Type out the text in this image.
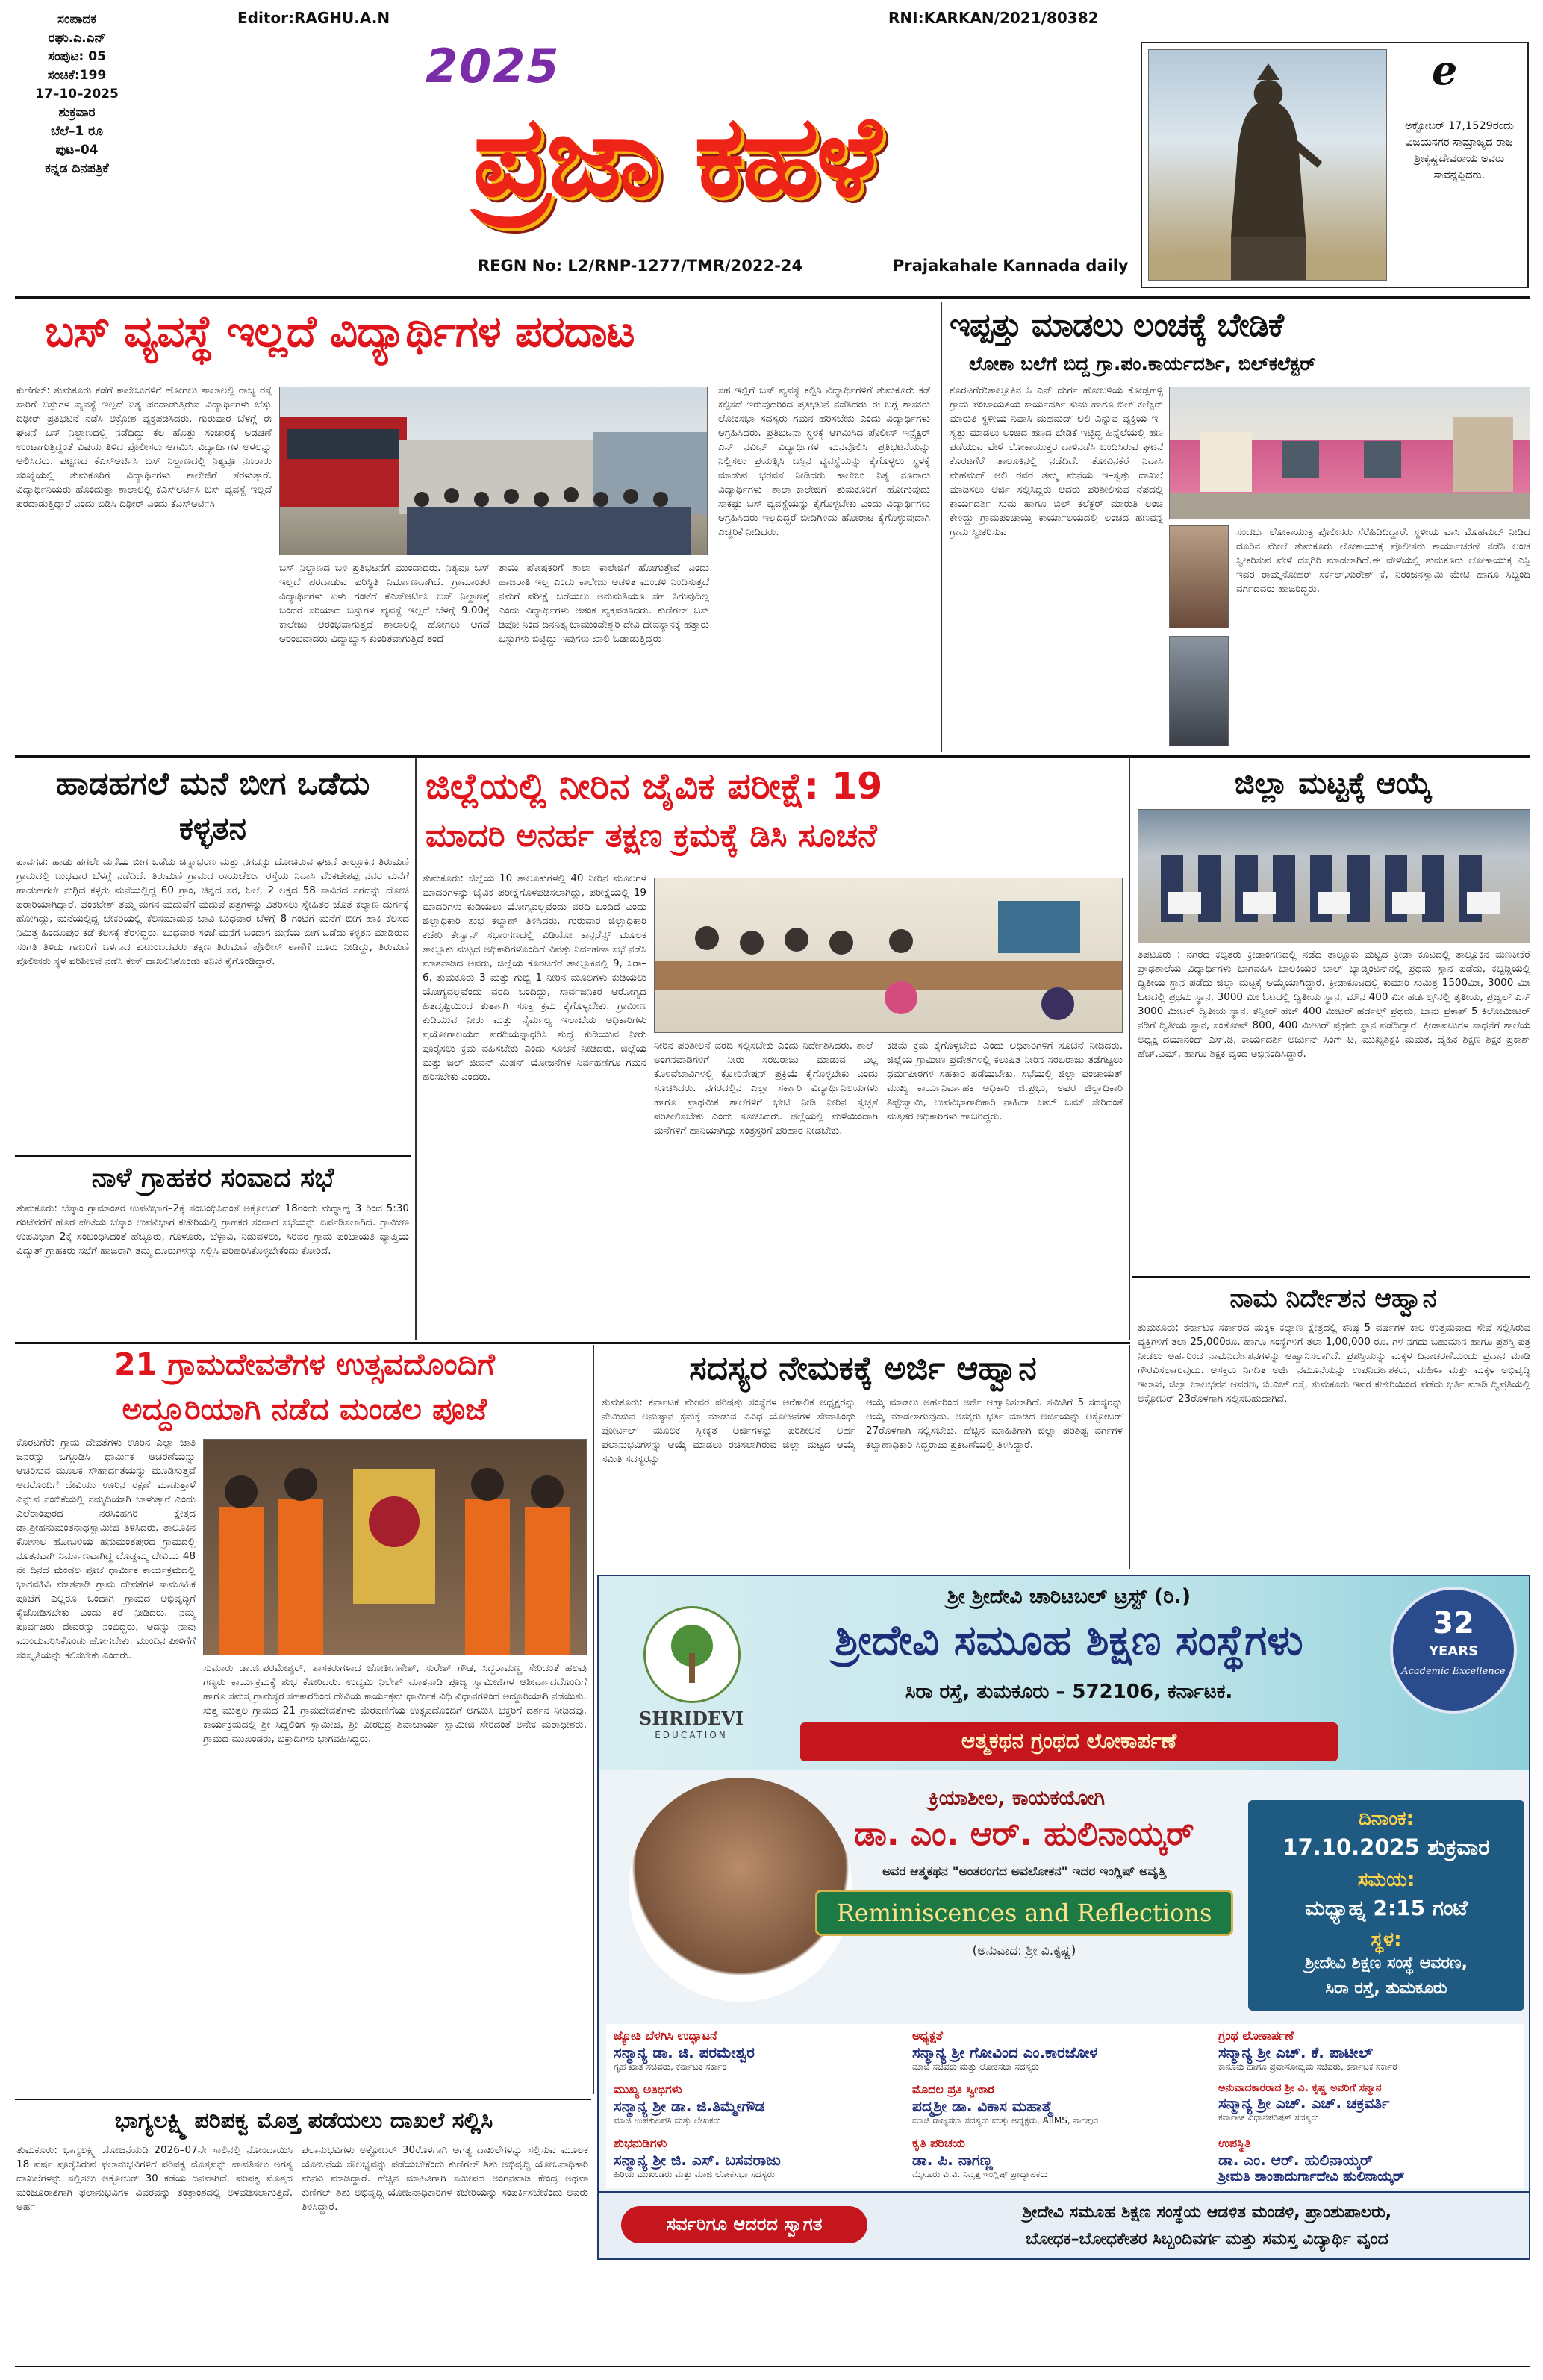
ಸಂಪಾದಕ
ರಘು.ಎ.ಎನ್
ಸಂಪುಟ: 05
ಸಂಚಿಕೆ:199
17–10–2025
ಶುಕ್ರವಾರ
ಬೆಲೆ–1 ರೂ
ಪುಟ–04
ಕನ್ನಡ ದಿನಪತ್ರಿಕೆ
Editor:RAGHU.A.N	RNI:KARKAN/2021/80382
2025
ಪ್ರಜಾ ಕಹಳೆ
REGN No: L2/RNP-1277/TMR/2022-24	Prajakahale Kannada daily
e
ಅಕ್ಟೋಬರ್ 17,1529ರಂದು ವಿಜಯನಗರ ಸಾಮ್ರಾಜ್ಯದ ರಾಜ ಶ್ರೀಕೃಷ್ಣದೇವರಾಯ ಅವರು ಸಾವನ್ನಪ್ಪಿದರು.
ಬಸ್ ವ್ಯವಸ್ಥೆ ಇಲ್ಲದೆ ವಿದ್ಯಾರ್ಥಿಗಳ ಪರದಾಟ
ಕುಣಿಗಲ್: ತುಮಕೂರು ಕಡೆಗೆ ಕಾಲೇಜುಗಳಿಗೆ ಹೋಗಲು ಶಾಲಾಲಲ್ಲಿ ರಾಜ್ಯ ರಸ್ತೆ ಸಾರಿಗೆ ಬಸ್ಸುಗಳ ವ್ಯವಸ್ಥೆ ಇಲ್ಲದೆ ನಿತ್ಯ ಪರದಾಡುತ್ತಿರುವ ವಿದ್ಯಾರ್ಥಿಗಳು ಬೆಸ್ತು ದಿಢೀರ್ ಪ್ರತಿಭಟನೆ ನಡೆಸಿ ಆಕ್ರೋಶ ವ್ಯಕ್ತಪಡಿಸಿದರು. ಗುರುವಾರ ಬೆಳಗ್ಗೆ ಈ ಘಟನೆ ಬಸ್ ನಿಲ್ದಾಣದಲ್ಲಿ ನಡೆದಿದ್ದು ಕೆಲ ಹೊತ್ತು ಸಂಚಾರಕ್ಕೆ ಅಡಚಣೆ ಉಂಟಾಗುತ್ತಿದ್ದಂತೆ ವಿಷಯ ತಿಳಿದ ಪೊಲೀಸರು ಆಗಮಿಸಿ ವಿದ್ಯಾರ್ಥಿಗಳ ಅಳಲನ್ನು ಆಲಿಸಿದರು. ಪಟ್ಟಣದ ಕೆಎಸ್ಆರ್ಟಿಸಿ ಬಸ್ ನಿಲ್ದಾಣದಲ್ಲಿ ನಿತ್ಯವೂ ನೂರಾರು ಸಂಖ್ಯೆಯಲ್ಲಿ ತುಮಕೂರಿಗೆ ವಿದ್ಯಾರ್ಥಿಗಳು ಕಾಲೇಜಿಗೆ ತೆರಳುತ್ತಾರೆ. ವಿದ್ಯಾರ್ಥಿನಿಯರು ಹೊಂದುತ್ತಾ ಶಾಲಾಲಲ್ಲಿ ಕೆಎಸ್ಆರ್ಟಿಸಿ ಬಸ್ ವ್ಯವಸ್ಥೆ ಇಲ್ಲದೆ ಪರದಾಡುತ್ತಿದ್ದಾರೆ ಎಂದು ಬಿಡಿಸಿ ದಿಢೀರ್ ಎಂದು ಕೆಎಸ್ಆರ್ಟಿಸಿ
ಬಸ್ ನಿಲ್ದಾಣದ ಬಳಿ ಪ್ರತಿಭಟನೆಗೆ ಮುಂದಾದರು. ನಿತ್ಯವೂ ಬಸ್ ಇಲ್ಲದೆ ಪರದಾಡುವ ಪರಿಸ್ಥಿತಿ ನಿರ್ಮಾಣವಾಗಿದೆ. ಗ್ರಾಮಾಂತರ ವಿದ್ಯಾರ್ಥಿಗಳು ಏಳು ಗಂಟೆಗೆ ಕೆಎಸ್ಆರ್ಟಿಸಿ ಬಸ್ ನಿಲ್ದಾಣಕ್ಕೆ ಬಂದರೆ ಸರಿಯಾದ ಬಸ್ಸುಗಳ ವ್ಯವಸ್ಥೆ ಇಲ್ಲದೆ ಬೆಳಗ್ಗೆ 9.00ಕ್ಕೆ ಕಾಲೇಜು ಆರಂಭವಾಗುತ್ತದೆ ಶಾಲಾಲಲ್ಲಿ ಹೋಗಲು ಆಗದೆ ಆರಂಭವಾದರು ವಿದ್ಯಾಭ್ಯಾಸ ಕುಂಠಿತವಾಗುತ್ತಿದೆ ತಂದೆ
ತಾಯಿ ಪೋಷಕರಿಗೆ ಶಾಲಾ ಕಾಲೇಜಿಗೆ ಹೋಗುತ್ತೇವೆ ಎಂದು ಹಾಜರಾತಿ ಇಲ್ಲ ಎಂದು ಕಾಲೇಜು ಆಡಳಿತ ಮಂಡಳಿ ನಿಂದಿಸುತ್ತದೆ ನಮಗೆ ಪರೀಕ್ಷೆ ಬರೆಯಲು ಅನುಮತಿಯೂ ಸಹ ಸಿಗುವುದಿಲ್ಲ ಎಂದು ವಿದ್ಯಾರ್ಥಿಗಳು ಆತಂಕ ವ್ಯಕ್ತಪಡಿಸಿದರು. ಕುಣಿಗಲ್ ಬಸ್ ಡಿಪೋ ನಿಂದ ದಿನನಿತ್ಯ ಚಾಮುಂಡೇಶ್ವರಿ ದೇವಿ ದೇವಸ್ಥಾನಕ್ಕೆ ಹತ್ತಾರು ಬಸ್ಸುಗಳು ಬಿಟ್ಟಿದ್ದು ಇವುಗಳು ಖಾಲಿ ಓಡಾಡುತ್ತಿದ್ದರು
ಸಹ ಇಲ್ಲಿಗೆ ಬಸ್ ವ್ಯವಸ್ಥೆ ಕಲ್ಪಿಸಿ ವಿದ್ಯಾರ್ಥಿಗಳಿಗೆ ತುಮಕೂರು ಕಡೆ ಕಲ್ಪಿಸದೆ ಇರುವುದರಿಂದ ಪ್ರತಿಭಟನೆ ನಡೆಸಿದರು ಈ ಬಗ್ಗೆ ಶಾಸಕರು ಲೋಕಸಭಾ ಸದಸ್ಯರು ಗಮನ ಹರಿಸಬೇಕು ಎಂದು ವಿದ್ಯಾರ್ಥಿಗಳು ಆಗ್ರಹಿಸಿದರು. ಪ್ರತಿಭಟನಾ ಸ್ಥಳಕ್ಕೆ ಆಗಮಿಸಿದ ಪೊಲೀಸ್ ಇನ್ಸ್ಪೆಕ್ಟರ್ ಎನ್ ನವೀನ್ ವಿದ್ಯಾರ್ಥಿಗಳ ಮನವೊಲಿಸಿ ಪ್ರತಿಭಟನೆಯನ್ನು ನಿಲ್ಲಿಸಲು ಪ್ರಯತ್ನಿಸಿ ಬಸ್ಸಿನ ವ್ಯವಸ್ಥೆಯನ್ನು ಕೈಗೊಳ್ಳಲು ಸ್ಥಳಕ್ಕೆ ಮಾಡುವ ಭರವಸೆ ನೀಡಿದರು ಕಾಲೇಜು ನಿತ್ಯ ನೂರಾರು ವಿದ್ಯಾರ್ಥಿಗಳು ಶಾಲಾ–ಕಾಲೇಜಿಗೆ ತುಮಕೂರಿಗೆ ಹೋಗುವುದು ಸಾಕಷ್ಟು ಬಸ್ ವ್ಯವಸ್ಥೆಯನ್ನು ಕೈಗೊಳ್ಳಬೇಕು ಎಂದು ವಿದ್ಯಾರ್ಥಿಗಳು ಆಗ್ರಹಿಸಿದರು ಇಲ್ಲದಿದ್ದರೆ ಬೀದಿಗಿಳಿದು ಹೋರಾಟ ಕೈಗೊಳ್ಳುವುದಾಗಿ ಎಚ್ಚರಿಕೆ ನೀಡಿದರು.
ಇಪ್ಪತ್ತು ಮಾಡಲು ಲಂಚಕ್ಕೆ ಬೇಡಿಕೆ
ಲೋಕಾ ಬಲೆಗೆ ಬಿದ್ದ ಗ್ರಾ.ಪಂ.ಕಾರ್ಯದರ್ಶಿ, ಬಿಲ್‌ಕಲೆಕ್ಟರ್
ಕೊರಟಗೆರೆ:ತಾಲ್ಲೂಕಿನ ಸಿ ಎನ್ ದುರ್ಗ ಹೋಬಳಿಯ ಕೋಡ್ಲಹಳ್ಳಿ ಗ್ರಾಮ ಪಂಚಾಯತಿಯ ಕಾರ್ಯದರ್ಶಿ ಸುಮ ಹಾಗೂ ಬಿಲ್ ಕಲೆಕ್ಟರ್ ಮಾರುತಿ ಸ್ಥಳೀಯ ನಿವಾಸಿ ಮಹಮದ್ ಆಲಿ ಎನ್ನುವ ವ್ಯಕ್ತಿಯ ಇ–ಸ್ವತ್ತು ಮಾಡಲು ಲಂಚದ ಹಣದ ಬೇಡಿಕೆ ಇಟ್ಟಿದ್ದ ಹಿನ್ನೆಲೆಯಲ್ಲಿ ಹಣ ಪಡೆಯುವ ವೇಳೆ ಲೋಕಾಯುಕ್ತರ ದಾಳಿನಡೆಸಿ ಬಂದಿಸಿರುವ ಘಟನೆ ಕೊರಟಗೆರೆ ತಾಲೂಕಿನಲ್ಲಿ ನಡೆದಿದೆ. ತೋವಿನಕೆರೆ ನಿವಾಸಿ ಮಹಮದ್ ಆಲಿ ರವರ ತಮ್ಮ ಮನೆಯ ಇ–ಸ್ವತ್ತು ದಾಖಲೆ ಮಾಡಿಸಲು ಅರ್ಜಿ ಸಲ್ಲಿಸಿದ್ದರು ಆದರು ಪರಿಶೀಲಿಸುವ ನೆಪದಲ್ಲಿ ಕಾರ್ಯದರ್ಶಿ ಸುಮ ಹಾಗೂ ಬಿಲ್ ಕಲೆಕ್ಟರ್ ಮಾರುತಿ ಲಂಚ ಕೇಳಿದ್ದು ಗ್ರಾಮಪಂಚಾಯ್ತಿ ಕಾರ್ಯಾಲಯದಲ್ಲಿ ಲಂಚದ ಹಣವನ್ನ ಗ್ರಾಮ ಸ್ವೀಕರಿಸುವ	ಸಂದರ್ಭ ಲೋಕಾಯುಕ್ತ ಪೊಲೀಸರು ಸೆರೆಹಿಡಿದಿದ್ದಾರೆ. ಸ್ಥಳೀಯ ವಾಸಿ ಮೊಹಮದ್ ನೀಡಿದ ದೂರಿನ ಮೇಲೆ ತುಮಕೂರು ಲೋಕಾಯುಕ್ತ ಪೊಲೀಸರು ಕಾರ್ಯಾಚರಣೆ ನಡೆಸಿ ಲಂಚ ಸ್ವೀಕರಿಸುವ ವೇಳೆ ದಸ್ತಗಿರಿ ಮಾಡಲಾಗಿದೆ.ಈ ವೇಳೆಯಲ್ಲಿ ತುಮಕೂರು ಲೋಕಾಯುಕ್ತ ಎಸ್ಪಿ ಇವರ ರಾಮ್ಮನೋಹರ್ ಸರ್ಕಲ್,ಸುರೇಶ್ ಕೆ, ನಿರಂಜನಸ್ವಾಮಿ ಮೇಟಿ ಹಾಗೂ ಸಿಬ್ಬಂದಿ ವರ್ಗದವರು ಹಾಜರಿದ್ದರು.
ಹಾಡಹಗಲೆ ಮನೆ ಬೀಗ ಒಡೆದು ಕಳ್ಳತನ
ಪಾವಗಡ: ಹಾಡು ಹಗಲೇ ಮನೆಯ ಬೀಗ ಒಡೆದು ಚಿನ್ನಾಭರಣ ಮತ್ತು ನಗದನ್ನು ದೋಚಿರುವ ಘಟನೆ ತಾಲ್ಲೂಕಿನ ತಿರುಮಣಿ ಗ್ರಾಮದಲ್ಲಿ ಬುಧವಾರ ಬೆಳಗ್ಗೆ ನಡೆದಿದೆ. ತಿರುಮಣಿ ಗ್ರಾಮದ ರಾಯಚೆರ್ಲು ರಸ್ತೆಯ ನಿವಾಸಿ ವೆಂಕಟೇಶಪ್ಪ ನವರ ಮನೆಗೆ ಹಾಡುಹಗಲೇ ನುಗ್ಗಿದ ಕಳ್ಳರು ಮನೆಯಲ್ಲಿದ್ದ 60 ಗ್ರಾಂ, ಚಿನ್ನದ ಸರ, ಓಲೆ, 2 ಲಕ್ಷದ 58 ಸಾವಿರದ ನಗದನ್ನು ದೋಚಿ ಪರಾರಿಯಾಗಿದ್ದಾರೆ. ವೆಂಕಟೇಶ್ ತಮ್ಮ ಮಗನ ಮದುವೆಗೆ ಮದುವೆ ಪತ್ರಗಳನ್ನು ವಿತರಿಸಲು ಸ್ನೇಹಿತರ ಜೊತೆ ಕಲ್ಯಾಣ ದುರ್ಗಕ್ಕೆ ಹೋಗಿದ್ದು, ಮನೆಯಲ್ಲಿದ್ದ ಬೇಕರಿಯಲ್ಲಿ ಕೆಲಸಮಾಡುವ ಬಾವಿ ಬುಧವಾರ ಬೆಳಗ್ಗೆ 8 ಗಂಟೆಗೆ ಮನೆಗೆ ಬೀಗ ಹಾಕಿ ಕೆಲಸದ ನಿಮಿತ್ತ ಹಿಂದೂಪುರ ಕಡೆ ಕೆಲಸಕ್ಕೆ ತೆರಳಿದ್ದರು. ಬುಧವಾರ ಸಂಜೆ ಮನೆಗೆ ಬಂದಾಗ ಮನೆಯ ಬೀಗ ಒಡೆದು ಕಳ್ಳತನ ಮಾಡಿರುವ ಸಂಗತಿ ತಿಳಿದು ಗಾಬರಿಗೆ ಒಳಗಾದ ಕುಟುಂಬದವರು ತಕ್ಷಣ ತಿರುಮಣಿ ಪೊಲೀಸ್ ಠಾಣೆಗೆ ದೂರು ನೀಡಿದ್ದು, ತಿರುಮಣಿ ಪೊಲೀಸರು ಸ್ಥಳ ಪರಿಶೀಲನೆ ನಡೆಸಿ ಕೇಸ್ ದಾಖಲಿಸಿಕೊಂಡು ತನಿಖೆ ಕೈಗೊಂಡಿದ್ದಾರೆ.
ನಾಳೆ ಗ್ರಾಹಕರ ಸಂವಾದ ಸಭೆ
ತುಮಕೂರು: ಬೆಸ್ಕಾಂ ಗ್ರಾಮಾಂತರ ಉಪವಿಭಾಗ–2ಕ್ಕೆ ಸಂಬಂಧಿಸಿದಂತೆ ಅಕ್ಟೋಬರ್ 18ರಂದು ಮಧ್ಯಾಹ್ನ 3 ರಿಂದ 5:30 ಗಂಟೆವರೆಗೆ ಹೊರ ಪೇಟೆಯ ಬೆಸ್ಕಾಂ ಉಪವಿಭಾಗ ಕಚೇರಿಯಲ್ಲಿ ಗ್ರಾಹಕರ ಸಂವಾದ ಸಭೆಯನ್ನು ಏರ್ಪಡಿಸಲಾಗಿದೆ. ಗ್ರಾಮೀಣ ಉಪವಿಭಾಗ–2ಕ್ಕೆ ಸಂಬಂಧಿಸಿದಂತೆ ಹೆಬ್ಬೂರು, ಗೂಳೂರು, ಬೆಳ್ಳಾವಿ, ನಿಡುವಳಲು, ಸಿರಿವರ ಗ್ರಾಮ ಪಂಚಾಯತಿ ವ್ಯಾಪ್ತಿಯ ವಿದ್ಯುತ್ ಗ್ರಾಹಕರು ಸಭೆಗೆ ಹಾಜರಾಗಿ ತಮ್ಮ ದೂರುಗಳನ್ನು ಸಲ್ಲಿಸಿ ಪರಿಹರಿಸಿಕೊಳ್ಳಬೇಕೆಂದು ಕೋರಿದೆ.
ಜಿಲ್ಲೆಯಲ್ಲಿ ನೀರಿನ ಜೈವಿಕ ಪರೀಕ್ಷೆ: 19
ಮಾದರಿ ಅನರ್ಹ ತಕ್ಷಣ ಕ್ರಮಕ್ಕೆ ಡಿಸಿ ಸೂಚನೆ
ತುಮಕೂರು: ಜಿಲ್ಲೆಯ 10 ತಾಲೂಕುಗಳಲ್ಲಿ 40 ನೀರಿನ ಮೂಲಗಳ ಮಾದರಿಗಳನ್ನು ಜೈವಿಕ ಪರೀಕ್ಷೆಗೊಳಪಡಿಸಲಾಗಿದ್ದು, ಪರೀಕ್ಷೆಯಲ್ಲಿ 19 ಮಾದರಿಗಳು ಕುಡಿಯಲು ಯೋಗ್ಯವಲ್ಲವೆಂದು ವರದಿ ಬಂದಿದೆ ಎಂದು ಜಿಲ್ಲಾಧಿಕಾರಿ ಶುಭ ಕಲ್ಯಾಣ್ ತಿಳಿಸಿದರು. ಗುರುವಾರ ಜಿಲ್ಲಾಧಿಕಾರಿ ಕಚೇರಿ ಕೇಸ್ವಾನ್ ಸಭಾಂಗಣದಲ್ಲಿ ವಿಡಿಯೋ ಕಾನ್ಫರೆನ್ಸ್ ಮೂಲಕ ತಾಲ್ಲೂಕು ಮಟ್ಟದ ಅಧಿಕಾರಿಗಳೊಂದಿಗೆ ವಿಪತ್ತು ನಿರ್ವಹಣಾ ಸಭೆ ನಡೆಸಿ ಮಾತನಾಡಿದ ಅವರು, ಜಿಲ್ಲೆಯ ಕೊರಟಗೆರೆ ತಾಲ್ಲೂಕಿನಲ್ಲಿ 9, ಸಿರಾ–6, ತುಮಕೂರು–3 ಮತ್ತು ಗುಬ್ಬಿ–1 ನೀರಿನ ಮೂಲಗಳು ಕುಡಿಯಲು ಯೋಗ್ಯವಲ್ಲವೆಂದು ವರದಿ ಬಂದಿದ್ದು, ಸಾರ್ವಜನಿಕರ ಆರೋಗ್ಯದ ಹಿತದೃಷ್ಟಿಯಿಂದ ತುರ್ತಾಗಿ ಸೂಕ್ತ ಕ್ರಮ ಕೈಗೊಳ್ಳಬೇಕು. ಗ್ರಾಮೀಣ ಕುಡಿಯುವ ನೀರು ಮತ್ತು ನೈರ್ಮಲ್ಯ ಇಲಾಖೆಯ ಅಧಿಕಾರಿಗಳು ಪ್ರಯೋಗಾಲಯದ ವರದಿಯನ್ನಾಧರಿಸಿ ಶುದ್ಧ ಕುಡಿಯುವ ನೀರು ಪೂರೈಸಲು ಕ್ರಮ ವಹಿಸಬೇಕು ಎಂದು ಸೂಚನೆ ನೀಡಿದರು. ಜಿಲ್ಲೆಯ ಮತ್ತು ಜಲ್ ಜೀವನ್ ಮಿಷನ್ ಯೋಜನೆಗಳ ನಿರ್ವಹಣೆಗೂ ಗಮನ ಹರಿಸಬೇಕು ಎಂದರು.
ನೀರಿನ ಪರಿಶೀಲನೆ ವರದಿ ಸಲ್ಲಿಸಬೇಕು ಎಂದು ನಿರ್ದೇಶಿಸಿದರು. ಶಾಲೆ–ಅಂಗನವಾಡಿಗಳಿಗೆ ನೀರು ಸರಬರಾಜು ಮಾಡುವ ಎಲ್ಲ ಕೊಳವೆಬಾವಿಗಳಲ್ಲಿ ಕ್ಲೋರಿನೇಷನ್ ಪ್ರಕ್ರಿಯೆ ಕೈಗೊಳ್ಳಬೇಕು ಎಂದು ಸೂಚಿಸಿದರು. ನಗರದಲ್ಲಿನ ಎಲ್ಲಾ ಸರ್ಕಾರಿ ವಿದ್ಯಾರ್ಥಿನಿಲಯಗಳು ಹಾಗೂ ಪ್ರಾಥಮಿಕ ಶಾಲೆಗಳಿಗೆ ಭೇಟಿ ನೀಡಿ ನೀರಿನ ಸ್ವಚ್ಛತೆ ಪರಿಶೀಲಿಸಬೇಕು ಎಂದು ಸೂಚಿಸಿದರು. ಜಿಲ್ಲೆಯಲ್ಲಿ ಮಳೆಯಿಂದಾಗಿ ಮನೆಗಳಿಗೆ ಹಾನಿಯಾಗಿದ್ದು ಸಂತ್ರಸ್ತರಿಗೆ ಪರಿಹಾರ ನೀಡಬೇಕು.
ಕಡಿಮೆ ಕ್ರಮ ಕೈಗೊಳ್ಳಬೇಕು ಎಂದು ಅಧಿಕಾರಿಗಳಿಗೆ ಸೂಚನೆ ನೀಡಿದರು. ಜಿಲ್ಲೆಯ ಗ್ರಾಮೀಣ ಪ್ರದೇಶಗಳಲ್ಲಿ ಕಲುಷಿತ ನೀರಿನ ಸರಬರಾಜು ತಡೆಗಟ್ಟಲು ಧರ್ಮಪೀಠಗಳ ಸಹಕಾರ ಪಡೆಯಬೇಕು. ಸಭೆಯಲ್ಲಿ ಜಿಲ್ಲಾ ಪಂಚಾಯತ್ ಮುಖ್ಯ ಕಾರ್ಯನಿರ್ವಾಹಕ ಅಧಿಕಾರಿ ಜಿ.ಪ್ರಭು, ಅಪರ ಜಿಲ್ಲಾಧಿಕಾರಿ ತಿಪ್ಪೇಸ್ವಾಮಿ, ಉಪವಿಭಾಗಾಧಿಕಾರಿ ನಾಹಿದಾ ಜಮ್ ಜಮ್ ಸೇರಿದಂತೆ ಮತ್ತಿತರ ಅಧಿಕಾರಿಗಳು ಹಾಜರಿದ್ದರು.
ಜಿಲ್ಲಾ ಮಟ್ಟಕ್ಕೆ ಆಯ್ಕೆ
ತಿಪಟೂರು : ನಗರದ ಕಲ್ಪತರು ಕ್ರೀಡಾಂಗಣದಲ್ಲಿ ನಡೆದ ತಾಲ್ಲೂಕು ಮಟ್ಟದ ಕ್ರೀಡಾ ಕೂಟದಲ್ಲಿ ತಾಲ್ಲೂಕಿನ ಮಣಕೀಕೆರೆ ಪ್ರೌಢಶಾಲೆಯ ವಿದ್ಯಾರ್ಥಿಗಳು ಭಾಗವಹಿಸಿ ಬಾಲಕಿಯರ ಬಾಲ್ ಬ್ಯಾಡ್ಮಿಂಟನ್‌ನಲ್ಲಿ ಪ್ರಥಮ ಸ್ಥಾನ ಪಡೆದು, ಕಬ್ಬಡ್ಡಿಯಲ್ಲಿ ದ್ವಿತೀಯ ಸ್ಥಾನ ಪಡೆದು ಜಿಲ್ಲಾ ಮಟ್ಟಕ್ಕೆ ಆಯ್ಕೆಯಾಗಿದ್ದಾರೆ. ಕ್ರೀಡಾಕೂಟದಲ್ಲಿ ಕುಮಾರಿ ಸುಮಿತ್ರ 1500ಮೀ, 3000 ಮೀ ಓಟದಲ್ಲಿ ಪ್ರಥಮ ಸ್ಥಾನ, 3000 ಮೀ ಓಟದಲ್ಲಿ ದ್ವಿತೀಯ ಸ್ಥಾನ, ಮೌನ 400 ಮೀ ಹರ್ಡಲ್ಸ್‌ನಲ್ಲಿ ತೃತೀಯ, ಪ್ರಜ್ವಲ್ ಎಸ್ 3000 ಮೀಟರ್ ದ್ವಿತೀಯ ಸ್ಥಾನ, ತನ್ವೀರ್ ಹೆಚ್ 400 ಮೀಟರ್ ಹರ್ಡಲ್ಸ್ ಪ್ರಥಮ, ಭಾನು ಪ್ರಕಾಶ್ 5 ಕಿಲೋಮೀಟರ್ ನಡಿಗೆ ದ್ವಿತೀಯ ಸ್ಥಾನ, ಸಂತೋಷ್ 800, 400 ಮೀಟರ್ ಪ್ರಥಮ ಸ್ಥಾನ ಪಡೆದಿದ್ದಾರೆ. ಕ್ರೀಡಾಪಟುಗಳ ಸಾಧನೆಗೆ ಶಾಲೆಯ ಅಧ್ಯಕ್ಷ ದಯಾನಂದ್ ಎಸ್.ಡಿ, ಕಾರ್ಯದರ್ಶಿ ಅರ್ಜುನ್ ಸಿಂಗ್ ಟಿ, ಮುಖ್ಯಶಿಕ್ಷಕಿ ಮಮತ, ದೈಹಿಕ ಶಿಕ್ಷಣ ಶಿಕ್ಷಕ ಪ್ರಕಾಶ್ ಹೆಚ್.ಎಮ್, ಹಾಗೂ ಶಿಕ್ಷಕ ವೃಂದ ಅಭಿನಂದಿಸಿದ್ದಾರೆ.
ನಾಮ ನಿರ್ದೇಶನ ಆಹ್ವಾನ
ತುಮಕೂರು: ಕರ್ನಾಟಕ ಸರ್ಕಾರದ ಮಕ್ಕಳ ಕಲ್ಯಾಣ ಕ್ಷೇತ್ರದಲ್ಲಿ ಕನಿಷ್ಠ 5 ವರ್ಷಗಳ ಕಾಲ ಉತ್ತಮವಾದ ಸೇವೆ ಸಲ್ಲಿಸಿರುವ ವ್ಯಕ್ತಿಗಳಿಗೆ ತಲಾ 25,000ರೂ. ಹಾಗೂ ಸಂಸ್ಥೆಗಳಿಗೆ ತಲಾ 1,00,000 ರೂ. ಗಳ ನಗದು ಬಹುಮಾನ ಹಾಗೂ ಪ್ರಶಸ್ತಿ ಪತ್ರ ನೀಡಲು ಅರ್ಹರಿಂದ ನಾಮನಿರ್ದೇಶನಗಳನ್ನು ಆಹ್ವಾನಿಸಲಾಗಿದೆ. ಪ್ರಶಸ್ತಿಯನ್ನು ಮಕ್ಕಳ ದಿನಾಚರಣೆಯಂದು ಪ್ರದಾನ ಮಾಡಿ ಗೌರವಿಸಲಾಗುವುದು. ಆಸಕ್ತರು ನಿಗದಿತ ಅರ್ಜಿ ನಮೂನೆಯನ್ನು ಉಪನಿರ್ದೇಶಕರು, ಮಹಿಳಾ ಮತ್ತು ಮಕ್ಕಳ ಅಭಿವೃದ್ಧಿ ಇಲಾಖೆ, ಜಿಲ್ಲಾ ಬಾಲಭವನ ಆವರಣ, ಬಿ.ಎಚ್.ರಸ್ತೆ, ತುಮಕೂರು ಇವರ ಕಚೇರಿಯಿಂದ ಪಡೆದು ಭರ್ತಿ ಮಾಡಿ ದ್ವಿಪ್ರತಿಯಲ್ಲಿ ಅಕ್ಟೋಬರ್ 23ರೊಳಗಾಗಿ ಸಲ್ಲಿಸಬಹುದಾಗಿದೆ.
21 ಗ್ರಾಮದೇವತೆಗಳ ಉತ್ಸವದೊಂದಿಗೆ
ಅದ್ದೂರಿಯಾಗಿ ನಡೆದ ಮಂಡಲ ಪೂಜೆ
ಕೊರಟಗೆರೆ: ಗ್ರಾಮ ದೇವತೆಗಳು ಊರಿನ ಎಲ್ಲಾ ಜಾತಿ ಜನರನ್ನು ಒಗ್ಗೂಡಿಸಿ ಧಾರ್ಮಿಕ ಆಚರಣೆಯನ್ನು ಆಚರಿಸುವ ಮೂಲಕ ಸೌಹಾರ್ದತೆಯನ್ನು ಮೂಡಿಸುತ್ತವೆ ಅದರೊಂದಿಗೆ ದೇವಿಯು ಊರಿನ ರಕ್ಷಣೆ ಮಾಡುತ್ತಾಳೆ ಎನ್ನುವ ನಂಬಿಕೆಯಲ್ಲಿ ನಮ್ಮದಿಯಾಗಿ ಬಾಳುತ್ತಾರೆ ಎಂದು ಎಲೆರಾಂಪುರದ ನರಸಿಂಹಗಿರಿ ಕ್ಷೇತ್ರದ ಡಾ.ಶ್ರೀಹನುಮಂತನಾಥಸ್ವಾಮೀಜಿ ತಿಳಿಸಿದರು. ತಾಲೂಕಿನ ಕೋಳಾಲ ಹೋಬಳಿಯ ಹನುಮಂತಪುರದ ಗ್ರಾಮದಲ್ಲಿ ನೂತನವಾಗಿ ನಿರ್ಮಾಣವಾಗಿದ್ದ ದೊಡ್ಡಮ್ಮ ದೇವಿಯ 48 ನೇ ದಿನದ ಮಂಡಲ ಪೂಜೆ ಧಾರ್ಮಿಕ ಕಾರ್ಯಕ್ರಮದಲ್ಲಿ ಭಾಗವಹಿಸಿ ಮಾತನಾಡಿ ಗ್ರಾಮ ದೇವತೆಗಳ ಸಾಮೂಹಿಕ ಪೂಜೆಗೆ ಎಲ್ಲರೂ ಒಂದಾಗಿ ಗ್ರಾಮದ ಅಭಿವೃದ್ಧಿಗೆ ಕೈಜೋಡಿಸಬೇಕು ಎಂದು ಕರೆ ನೀಡಿದರು. ನಮ್ಮ ಪೂರ್ವಜರು ದೇವರನ್ನು ನಂಬಿದ್ದರು, ಅದನ್ನು ನಾವು ಮುಂದುವರಿಸಿಕೊಂಡು ಹೋಗಬೇಕು. ಮುಂದಿನ ಪೀಳಿಗೆಗೆ ಸಂಸ್ಕೃತಿಯನ್ನು ಕಲಿಸಬೇಕು ಎಂದರು.
ಸುಮಾರು ಡಾ.ಜಿ.ಪರಮೇಶ್ವರ್, ಶಾಸಕರುಗಳಾದ ಜೋತೀಗಣೇಶ್, ಸುರೇಶ್ ಗೌಡ, ಸಿದ್ದರಾಮಣ್ಣ ಸೇರಿದಂತೆ ಹಲವು ಗಣ್ಯರು ಕಾರ್ಯಕ್ರಮಕ್ಕೆ ಶುಭ ಕೋರಿದರು. ಉದ್ಯಮಿ ನಿಲೇಶ್ ಮಾತನಾಡಿ ಪೂಜ್ಯ ಸ್ವಾಮೀಜಿಗಳ ಆಶೀರ್ವಾದದೊಂದಿಗೆ ಹಾಗೂ ಸಮಸ್ತ ಗ್ರಾಮಸ್ಥರ ಸಹಕಾರದಿಂದ ದೇವಿಯ ಕಾರ್ಯಕ್ರಮ ಧಾರ್ಮಿಕ ವಿಧಿ ವಿಧಾನಗಳಿಂದ ಅದ್ದೂರಿಯಾಗಿ ನಡೆಯಿತು. ಸುತ್ತ ಮುತ್ತಲ ಗ್ರಾಮದ 21 ಗ್ರಾಮದೇವತೆಗಳು ಮೆರವಣಿಗೆಯ ಉತ್ಸವದೊಂದಿಗೆ ಆಗಮಿಸಿ ಭಕ್ತರಿಗೆ ದರ್ಶನ ನೀಡಿದವು. ಕಾರ್ಯಕ್ರಮದಲ್ಲಿ ಶ್ರೀ ಸಿದ್ದಲಿಂಗ ಸ್ವಾಮೀಜಿ, ಶ್ರೀ ವೀರಭದ್ರ ಶಿವಾಚಾರ್ಯ ಸ್ವಾಮೀಜಿ ಸೇರಿದಂತೆ ಅನೇಕ ಮಠಾಧೀಶರು, ಗ್ರಾಮದ ಮುಖಂಡರು, ಭಕ್ತಾದಿಗಳು ಭಾಗವಹಿಸಿದ್ದರು.
ಸದಸ್ಯರ ನೇಮಕಕ್ಕೆ ಅರ್ಜಿ ಆಹ್ವಾನ
ತುಮಕೂರು: ಕರ್ನಾಟಕ ಮೇವರ ಪರಿಷತ್ತು ಸಂಸ್ಥೆಗಳ ಅರೆಕಾಲಿಕ ಅಧ್ಯಕ್ಷರನ್ನು ನೇಮಿಸುವ ಅನುಷ್ಠಾನ ಕ್ರಮಕ್ಕೆ ಮಾಡುವ ವಿವಿಧ ಯೋಜನೆಗಳ ಸೇವಾಸಿಂಧು ಪೋರ್ಟಲ್ ಮೂಲಕ ಸ್ವೀಕೃತ ಅರ್ಜಿಗಳನ್ನು ಪರಿಶೀಲನೆ ಅರ್ಹ ಫಲಾನುಭವಿಗಳನ್ನು ಆಯ್ಕೆ ಮಾಡಲು ರಚಿಸಲಾಗಿರುವ ಜಿಲ್ಲಾ ಮಟ್ಟದ ಆಯ್ಕೆ ಸಮಿತಿ ಸದಸ್ಯರನ್ನು
ಆಯ್ಕೆ ಮಾಡಲು ಅರ್ಹರಿಂದ ಅರ್ಜಿ ಆಹ್ವಾನಿಸಲಾಗಿದೆ. ಸಮಿತಿಗೆ 5 ಸದಸ್ಯರನ್ನು ಆಯ್ಕೆ ಮಾಡಲಾಗುವುದು. ಆಸಕ್ತರು ಭರ್ತಿ ಮಾಡಿದ ಅರ್ಜಿಯನ್ನು ಅಕ್ಟೋಬರ್ 27ರೊಳಗಾಗಿ ಸಲ್ಲಿಸಬೇಕು. ಹೆಚ್ಚಿನ ಮಾಹಿತಿಗಾಗಿ ಜಿಲ್ಲಾ ಪರಿಶಿಷ್ಟ ವರ್ಗಗಳ ಕಲ್ಯಾಣಾಧಿಕಾರಿ ಸಿದ್ದರಾಜು ಪ್ರಕಟಣೆಯಲ್ಲಿ ತಿಳಿಸಿದ್ದಾರೆ.
SHRIDEVI
EDUCATION
ಶ್ರೀ ಶ್ರೀದೇವಿ ಚಾರಿಟಬಲ್ ಟ್ರಸ್ಟ್ (ರಿ.)
ಶ್ರೀದೇವಿ ಸಮೂಹ ಶಿಕ್ಷಣ ಸಂಸ್ಥೆಗಳು
ಸಿರಾ ರಸ್ತೆ, ತುಮಕೂರು – 572106, ಕರ್ನಾಟಕ.
32
YEARS
Academic Excellence
ಆತ್ಮಕಥನ ಗ್ರಂಥದ ಲೋಕಾರ್ಪಣೆ
ಕ್ರಿಯಾಶೀಲ, ಕಾಯಕಯೋಗಿ
ಡಾ. ಎಂ. ಆರ್. ಹುಲಿನಾಯ್ಕರ್
ಅವರ ಆತ್ಮಕಥನ "ಅಂತರಂಗದ ಅವಲೋಕನ" ಇದರ ಇಂಗ್ಲಿಷ್ ಅವೃತ್ತಿ
Reminiscences and Reflections
(ಅನುವಾದ: ಶ್ರೀ ವಿ.ಕೃಷ್ಣ)
ದಿನಾಂಕ:
17.10.2025 ಶುಕ್ರವಾರ
ಸಮಯ:
ಮಧ್ಯಾಹ್ನ 2:15 ಗಂಟೆ
ಸ್ಥಳ:
ಶ್ರೀದೇವಿ ಶಿಕ್ಷಣ ಸಂಸ್ಥೆ ಆವರಣ,
ಸಿರಾ ರಸ್ತೆ, ತುಮಕೂರು
ಜ್ಯೋತಿ ಬೆಳಗಿಸಿ ಉದ್ಘಾಟನೆ
ಸನ್ಮಾನ್ಯ ಡಾ. ಜಿ. ಪರಮೇಶ್ವರ
ಗೃಹ ಖಾತೆ ಸಚಿವರು, ಕರ್ನಾಟಕ ಸರ್ಕಾರ
ಅಧ್ಯಕ್ಷತೆ
ಸನ್ಮಾನ್ಯ ಶ್ರೀ ಗೋವಿಂದ ಎಂ.ಕಾರಜೋಳ
ಮಾಜಿ ಸಚಿವರು ಮತ್ತು ಲೋಕಸಭಾ ಸದಸ್ಯರು
ಗ್ರಂಥ ಲೋಕಾರ್ಪಣೆ
ಸನ್ಮಾನ್ಯ ಶ್ರೀ ಎಚ್. ಕೆ. ಪಾಟೀಲ್
ಕಾನೂನು ಹಾಗೂ ಪ್ರವಾಸೋದ್ಯಮ ಸಚಿವರು, ಕರ್ನಾಟಕ ಸರ್ಕಾರ
ಮುಖ್ಯ ಅತಿಥಿಗಳು
ಸನ್ಮಾನ್ಯ ಶ್ರೀ ಡಾ. ಜಿ.ತಿಮ್ಮೇಗೌಡ
ಮಾಜಿ ಉಪಕುಲಪತಿ ಮತ್ತು ಲೇಖಕರು
ಮೊದಲ ಪ್ರತಿ ಸ್ವೀಕಾರ
ಪದ್ಮಶ್ರೀ ಡಾ. ವಿಕಾಸ ಮಹಾತ್ಮೆ
ಮಾಜಿ ರಾಜ್ಯಸಭಾ ಸದಸ್ಯರು ಮತ್ತು ಅಧ್ಯಕ್ಷರು, AIIMS, ನಾಗಪುರ
ಅನುವಾದಕಾರರಾದ ಶ್ರೀ ವಿ. ಕೃಷ್ಣ ಅವರಿಗೆ ಸನ್ಮಾನ
ಸನ್ಮಾನ್ಯ ಶ್ರೀ ಎಚ್. ಎಚ್. ಚಕ್ರವರ್ತಿ
ಕರ್ನಾಟಕ ವಿಧಾನಪರಿಷತ್ ಸದಸ್ಯರು
ಶುಭನುಡಿಗಳು
ಸನ್ಮಾನ್ಯ ಶ್ರೀ ಜಿ. ಎಸ್. ಬಸವರಾಜು
ಹಿರಿಯ ಮುಖಂಡರು ಮತ್ತು ಮಾಜಿ ಲೋಕಸಭಾ ಸದಸ್ಯರು
ಕೃತಿ ಪರಿಚಯ
ಡಾ. ಪಿ. ನಾಗಣ್ಣ
ಮೈಸೂರು ವಿ.ವಿ. ನಿವೃತ್ತ ಇಂಗ್ಲಿಷ್ ಪ್ರಾಧ್ಯಾಪಕರು
ಉಪಸ್ಥಿತಿ
ಡಾ. ಎಂ. ಆರ್. ಹುಲಿನಾಯ್ಕರ್
ಶ್ರೀಮತಿ ಶಾಂತಾದುರ್ಗಾದೇವಿ ಹುಲಿನಾಯ್ಕರ್
ಸರ್ವರಿಗೂ ಆದರದ ಸ್ವಾಗತ
ಶ್ರೀದೇವಿ ಸಮೂಹ ಶಿಕ್ಷಣ ಸಂಸ್ಥೆಯ ಆಡಳಿತ ಮಂಡಳಿ, ಪ್ರಾಂಶುಪಾಲರು,
ಬೋಧಕ–ಬೋಧಕೇತರ ಸಿಬ್ಬಂದಿವರ್ಗ ಮತ್ತು ಸಮಸ್ತ ವಿದ್ಯಾರ್ಥಿ ವೃಂದ
ಭಾಗ್ಯಲಕ್ಷ್ಮಿ ಪರಿಪಕ್ವ ಮೊತ್ತ ಪಡೆಯಲು ದಾಖಲೆ ಸಲ್ಲಿಸಿ
ತುಮಕೂರು: ಭಾಗ್ಯಲಕ್ಷ್ಮಿ ಯೋಜನೆಯಡಿ 2026–07ನೇ ಸಾಲಿನಲ್ಲಿ ನೋಂದಾಯಿಸಿ 18 ವರ್ಷ ಪೂರೈಸಿರುವ ಫಲಾನುಭವಿಗಳಿಗೆ ಪರಿಪಕ್ವ ಮೊತ್ತವನ್ನು ಪಾವತಿಸಲು ಅಗತ್ಯ ದಾಖಲೆಗಳನ್ನು ಸಲ್ಲಿಸಲು ಅಕ್ಟೋಬರ್ 30 ಕಡೆಯ ದಿನವಾಗಿದೆ. ಪರಿಪಕ್ವ ಮೊತ್ತದ ಮಂಜೂರಾತಿಗಾಗಿ ಫಲಾನುಭವಿಗಳ ವಿವರವನ್ನು ತಂತ್ರಾಂಶದಲ್ಲಿ ಅಳವಡಿಸಲಾಗುತ್ತಿದೆ. ಅರ್ಹ
ಫಲಾನುಭವಿಗಳು ಅಕ್ಟೋಬರ್ 30ರೊಳಗಾಗಿ ಅಗತ್ಯ ದಾಖಲೆಗಳನ್ನು ಸಲ್ಲಿಸುವ ಮೂಲಕ ಯೋಜನೆಯ ಸೌಲಭ್ಯವನ್ನು ಪಡೆಯಬೇಕೆಂದು ಕುಣಿಗಲ್ ಶಿಶು ಅಭಿವೃದ್ಧಿ ಯೋಜನಾಧಿಕಾರಿ ಮನವಿ ಮಾಡಿದ್ದಾರೆ. ಹೆಚ್ಚಿನ ಮಾಹಿತಿಗಾಗಿ ಸಮೀಪದ ಅಂಗನವಾಡಿ ಕೇಂದ್ರ ಅಥವಾ ಕುಣಿಗಲ್ ಶಿಶು ಅಭಿವೃದ್ಧಿ ಯೋಜನಾಧಿಕಾರಿಗಳ ಕಚೇರಿಯನ್ನು ಸಂಪರ್ಕಿಸಬೇಕೆಂದು ಅವರು ತಿಳಿಸಿದ್ದಾರೆ.
